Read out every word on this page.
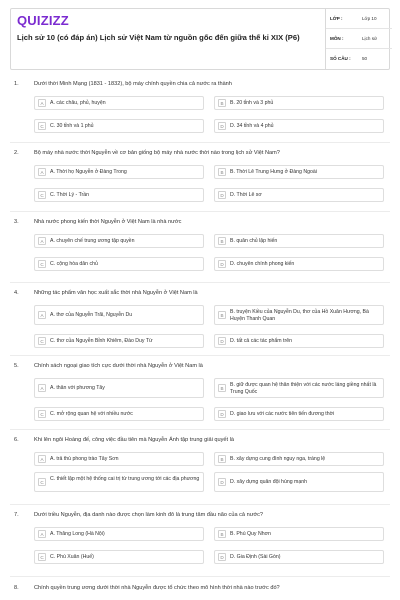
QUIZIZZ
Lịch sử 10 (có đáp án) Lịch sử Việt Nam từ nguồn gốc đến giữa thế kỉ XIX (P6)
LỚP :	Lớp 10
MÔN :	Lịch sử
SỐ CÂU : 50
1.	Dưới thời Minh Mạng (1831 - 1832), bộ máy chính quyền chia cả nước ra thành
A	A. các châu, phủ, huyện	B	B. 20 tỉnh và 3 phủ
C	C. 30 tỉnh và 1 phủ	D	D. 34 tỉnh và 4 phủ
2.	Bộ máy nhà nước thời Nguyễn về cơ bản giống bộ máy nhà nước thời nào trong lịch sử Việt Nam?
A	A. Thời họ Nguyễn ở Đàng Trong	B	B. Thời Lê Trung Hưng ở Đàng Ngoài
C	C. Thời Lý - Trần	D	D. Thời Lê sơ
3.	Nhà nước phong kiến thời Nguyễn ở Việt Nam là nhà nước
A	A. chuyên chế trung ương tập quyền	B	B. quân chủ lập hiến
C	C. cộng hòa dân chủ	D	D. chuyên chính phong kiến
4.	Những tác phẩm văn học xuất sắc thời nhà Nguyễn ở Việt Nam là
A	A. thơ của Nguyễn Trãi, Nguyễn Du	B
B. truyện Kiều của Nguyễn Du, thơ của Hồ Xuân Hương, Bà Huyện Thanh Quan
C	C. thơ của Nguyễn Bỉnh Khiêm, Đào Duy Từ	D	D. tất cả các tác phẩm trên
5.	Chính sách ngoại giao tích cực dưới thời nhà Nguyễn ở Việt Nam là
A	A. thân với phương Tây	B
B. giữ được quan hệ thân thiện với các nước láng giềng nhất là Trung Quốc
C	C. mở rộng quan hệ với nhiều nước	D	D. giao lưu với các nước tiên tiến đương thời
6.	Khi lên ngôi Hoàng đế, công việc đầu tiên mà Nguyễn Ánh tập trung giải quyết là
A	A. trả thù phong trào Tây Sơn	B	B. xây dựng cung đình nguy nga, tráng lệ
C
C. thiết lập một hệ thống cai trị từ trung ương tới các địa phương
D	D. xây dựng quân đội hùng mạnh
7.	Dưới triều Nguyễn, địa danh nào được chọn làm kinh đô là trung tâm đầu não của cả nước?
A	A. Thăng Long (Hà Nội)	B	B. Phú Quy Nhơn
C	C. Phú Xuân (Huế)	D	D. Gia Định (Sài Gòn)
8.	Chính quyền trung ương dưới thời nhà Nguyễn được tổ chức theo mô hình thời nhà nào trước đó?
